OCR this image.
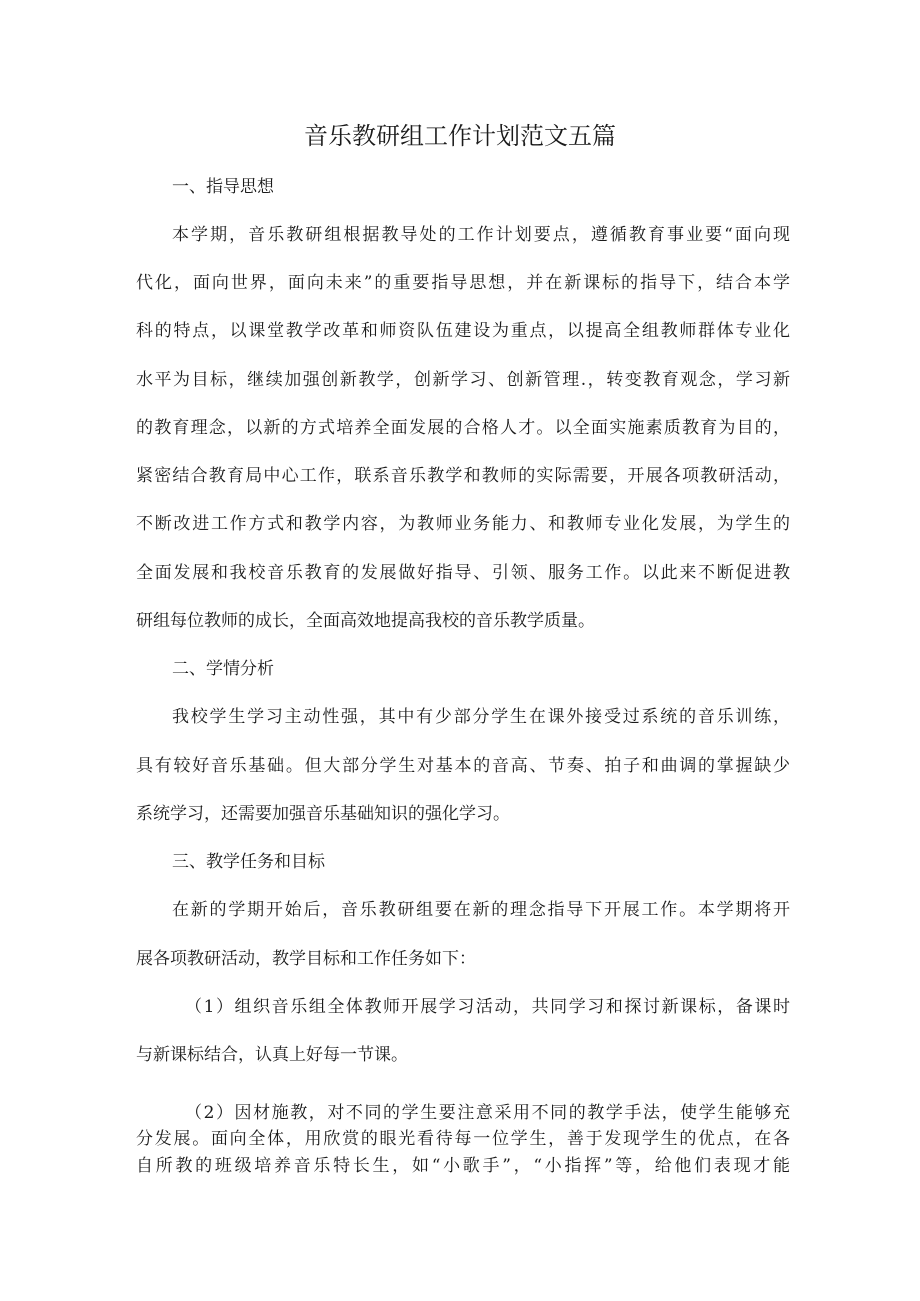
音乐教研组工作计划范文五篇
一、指导思想
本学期，音乐教研组根据教导处的工作计划要点，遵循教育事业要“面向现
代化，面向世界，面向未来”的重要指导思想，并在新课标的指导下，结合本学
科的特点，以课堂教学改革和师资队伍建设为重点，以提高全组教师群体专业化
水平为目标，继续加强创新教学，创新学习、创新管理.，转变教育观念，学习新
的教育理念，以新的方式培养全面发展的合格人才。以全面实施素质教育为目的，
紧密结合教育局中心工作，联系音乐教学和教师的实际需要，开展各项教研活动，
不断改进工作方式和教学内容，为教师业务能力、和教师专业化发展，为学生的
全面发展和我校音乐教育的发展做好指导、引领、服务工作。以此来不断促进教
研组每位教师的成长，全面高效地提高我校的音乐教学质量。
二、学情分析
我校学生学习主动性强，其中有少部分学生在课外接受过系统的音乐训练，
具有较好音乐基础。但大部分学生对基本的音高、节奏、拍子和曲调的掌握缺少
系统学习，还需要加强音乐基础知识的强化学习。
三、教学任务和目标
在新的学期开始后，音乐教研组要在新的理念指导下开展工作。本学期将开
展各项教研活动，教学目标和工作任务如下：
（1）组织音乐组全体教师开展学习活动，共同学习和探讨新课标，备课时
与新课标结合，认真上好每一节课。
（2）因材施教，对不同的学生要注意采用不同的教学手法，使学生能够充
分发展。面向全体，用欣赏的眼光看待每一位学生，善于发现学生的优点，在各
自所教的班级培养音乐特长生，如“小歌手”，“小指挥”等，给他们表现才能
